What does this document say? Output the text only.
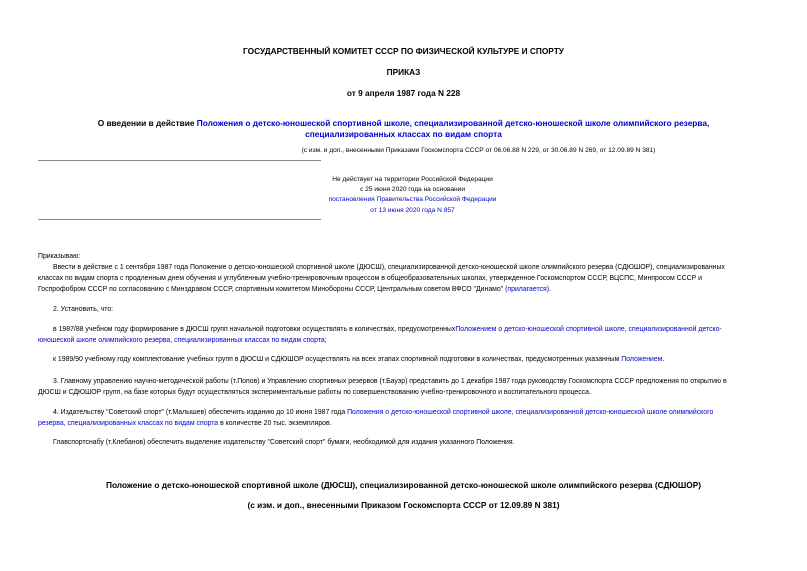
ГОСУДАРСТВЕННЫЙ КОМИТЕТ СССР ПО ФИЗИЧЕСКОЙ КУЛЬТУРЕ И СПОРТУ
ПРИКАЗ
от 9 апреля 1987 года N 228
О введении в действие Положения о детско-юношеской спортивной школе, специализированной детско-юношеской школе олимпийского резерва,
специализированных классах по видам спорта
(с изм. и доп., внесенными Приказами Госкомспорта СССР от 06.06.88 N 229, от 30.06.89 N 269, от 12.09.89 N 381)
Не действует на территории Российской Федерации
с 25 июня 2020 года на основании
постановления Правительства Российской Федерации
от 13 июня 2020 года N 857
Приказываю:
Ввести в действие с 1 сентября 1987 года Положение о детско-юношеской спортивной школе (ДЮСШ), специализированной детско-юношеской школе олимпийского резерва (СДЮШОР), специализированных
классах по видам спорта с продленным днем обучения и углубленным учебно-тренировочным процессом в общеобразовательных школах, утвержденное Госкомспортом СССР, ВЦСПС, Минпросом СССР и
Госпрофобром СССР по согласованию с Минздравом СССР, спортивным комитетом Минобороны СССР, Центральным советом ВФСО "Динамо" (прилагается).
2. Установить, что:
в 1987/88 учебном году формирование в ДЮСШ групп начальной подготовки осуществлять в количествах, предусмотренныхПоложением о детско-юношеской спортивной школе, специализированной детско-
юношеской школе олимпийского резерва, специализированных классах по видам спорта;
к 1989/90 учебному году комплектование учебных групп в ДЮСШ и СДЮШОР осуществлять на всех этапах спортивной подготовки в количествах, предусмотренных указанным Положением.
3. Главному управлению научно-методической работы (т.Попов) и Управлению спортивных резервов (т.Бауэр) представить до 1 декабря 1987 года руководству Госкомспорта СССР предложения по открытию в
ДЮСШ и СДЮШОР групп, на базе которых будут осуществляться экспериментальные работы по совершенствованию учебно-тренировочного и воспитательного процесса.
4. Издательству "Советский спорт" (т.Малышев) обеспечить изданию до 10 июня 1987 года Положения о детско-юношеской спортивной школе, специализированной детско-юношеской школе олимпийского
резерва, специализированных классах по видам спорта в количестве 20 тыс. экземпляров.
Главспортснабу (т.Клебанов) обеспечить выделение издательству "Советский спорт" бумаги, необходимой для издания указанного Положения.
Положение о детско-юношеской спортивной школе (ДЮСШ), специализированной детско-юношеской школе олимпийского резерва (СДЮШОР)
(с изм. и доп., внесенными Приказом Госкомспорта СССР от 12.09.89 N 381)
